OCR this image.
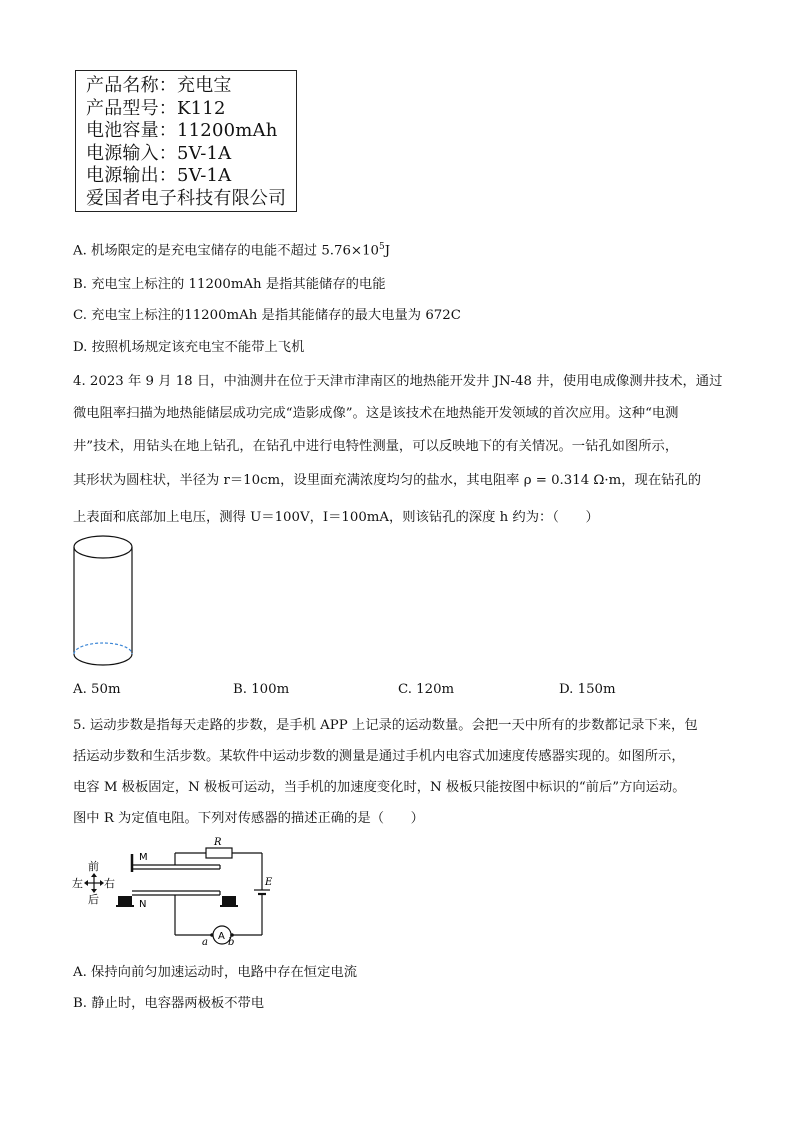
产品名称：充电宝
产品型号：K112
电池容量：11200mAh
电源输入：5V-1A
电源输出：5V-1A
爱国者电子科技有限公司
A. 机场限定的是充电宝储存的电能不超过 $5.76\times 10^5J$
B. 充电宝上标注的 11200mAh 是指其能储存的电能
C. 充电宝上标注的11200mAh 是指其能储存的最大电量为 672C
D. 按照机场规定该充电宝不能带上飞机
4. 2023 年 9 月 18 日，中油测井在位于天津市津南区的地热能开发井 JN-48 井，使用电成像测井技术，通过
微电阻率扫描为地热能储层成功完成“造影成像”。这是该技术在地热能开发领域的首次应用。这种“电测
井”技术，用钻头在地上钻孔，在钻孔中进行电特性测量，可以反映地下的有关情况。一钻孔如图所示，
其形状为圆柱状，半径为 r＝10cm，设里面充满浓度均匀的盐水，其电阻率 ρ = 0.314 Ω·m，现在钻孔的
上表面和底部加上电压，测得 U＝100V，I＝100mA，则该钻孔的深度 h 约为：（　　）
A. 50m	B. 100m	C. 120m	D. 150m
5. 运动步数是指每天走路的步数，是手机 APP 上记录的运动数量。会把一天中所有的步数都记录下来，包
括运动步数和生活步数。某软件中运动步数的测量是通过手机内电容式加速度传感器实现的。如图所示，
电容 M 极板固定，N 极板可运动，当手机的加速度变化时，N 极板只能按图中标识的“前后”方向运动。
图中 R 为定值电阻。下列对传感器的描述正确的是（　　）
前
后
左 右
M
N
R
E
A
a b
A. 保持向前匀加速运动时，电路中存在恒定电流
B. 静止时，电容器两极板不带电
